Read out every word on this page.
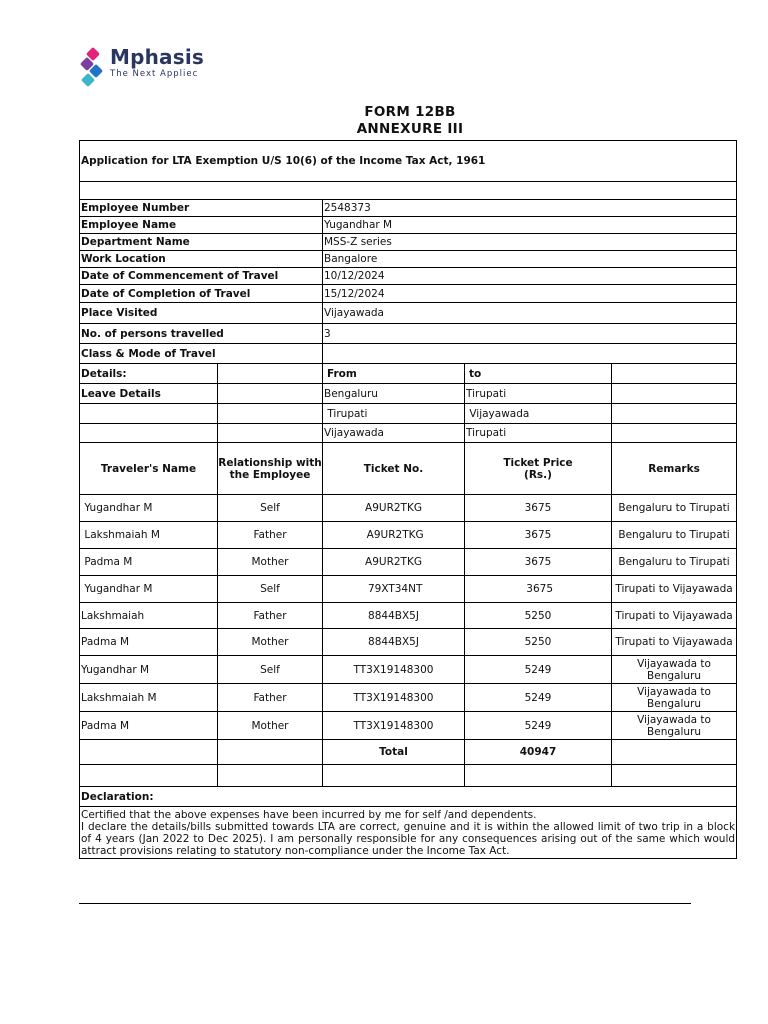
Mphasis
The Next Appliec
FORM 12BB
ANNEXURE III
Application for LTA Exemption U/S 10(6) of the Income Tax Act, 1961				

Employee Number		2548373		
Employee Name		Yugandhar M		
Department Name		MSS-Z series		
Work Location		Bangalore		
Date of Commencement of Travel		10/12/2024		
Date of Completion of Travel		15/12/2024		
Place Visited		Vijayawada		
No. of persons travelled		3		
Class & Mode of Travel				
Details:		From	to	
Leave Details		Bengaluru	Tirupati	
		Tirupati	Vijayawada	
		Vijayawada	Tirupati	
Traveler's Name	Relationship with the Employee	Ticket No.	Ticket Price (Rs.)	Remarks
Yugandhar M	Self	A9UR2TKG	3675	Bengaluru to Tirupati
Lakshmaiah M	Father	A9UR2TKG	3675	Bengaluru to Tirupati
Padma M	Mother	A9UR2TKG	3675	Bengaluru to Tirupati
Yugandhar M	Self	79XT34NT	3675	Tirupati to Vijayawada
Lakshmaiah	Father	8844BX5J	5250	Tirupati to Vijayawada
Padma M	Mother	8844BX5J	5250	Tirupati to Vijayawada
Yugandhar M	Self	TT3X19148300	5249	Vijayawada to Bengaluru
Lakshmaiah M	Father	TT3X19148300	5249	Vijayawada to Bengaluru
Padma M	Mother	TT3X19148300	5249	Vijayawada to Bengaluru
		Total	40947	

Declaration:				

Certified that the above expenses have been incurred by me for self /and dependents.
I declare the details/bills submitted towards LTA are correct, genuine and it is within the allowed limit of two trip in a block of 4 years (Jan 2022 to Dec 2025). I am personally responsible for any consequences arising out of the same which would attract provisions relating to statutory non-compliance under the Income Tax Act.				
